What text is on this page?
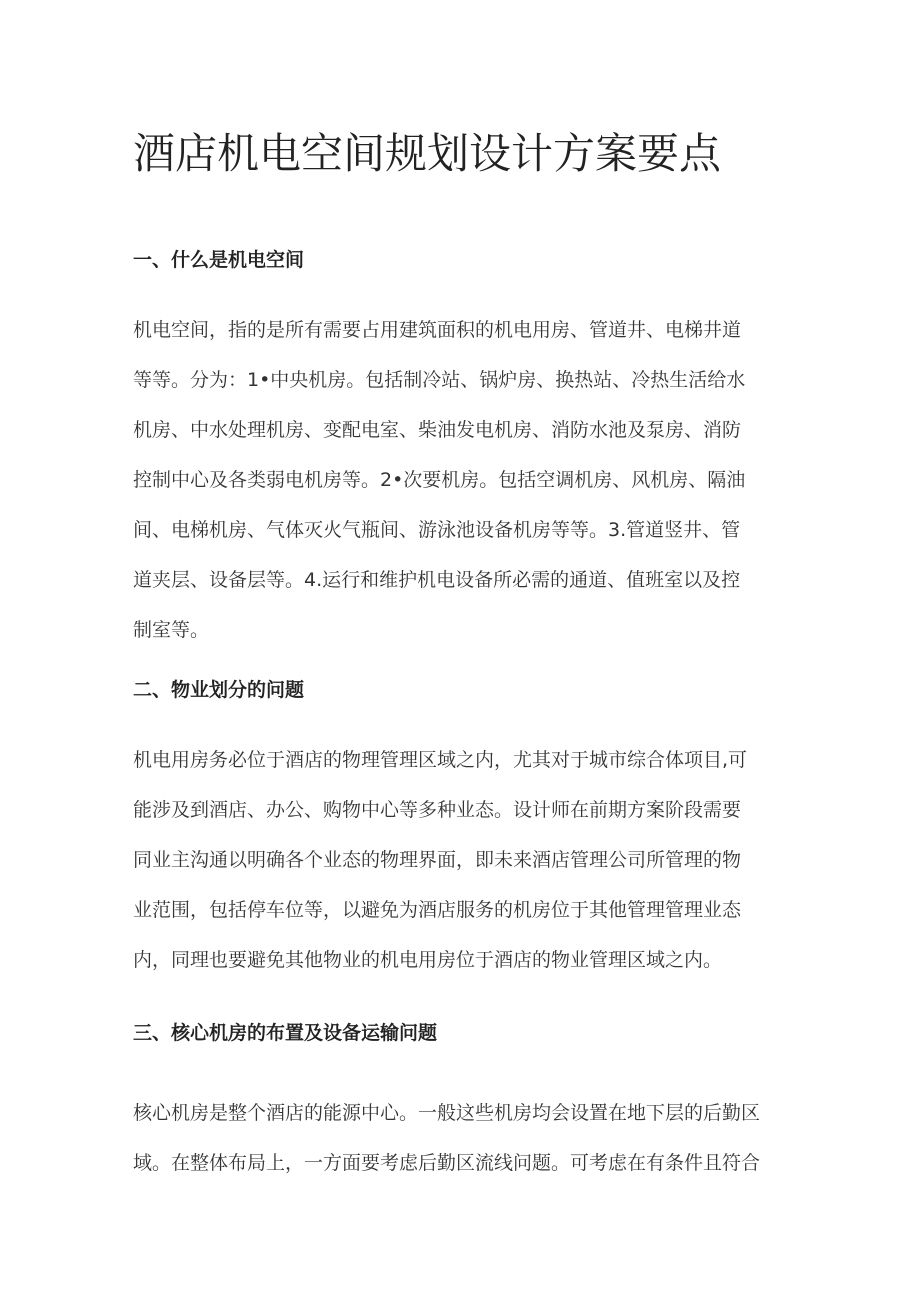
酒店机电空间规划设计方案要点
一、什么是机电空间
机电空间，指的是所有需要占用建筑面积的机电用房、管道井、电梯井道
等等。分为：1•中央机房。包括制冷站、锅炉房、换热站、冷热生活给水
机房、中水处理机房、变配电室、柴油发电机房、消防水池及泵房、消防
控制中心及各类弱电机房等。2•次要机房。包括空调机房、风机房、隔油
间、电梯机房、气体灭火气瓶间、游泳池设备机房等等。3.管道竖井、管
道夹层、设备层等。4.运行和维护机电设备所必需的通道、值班室以及控
制室等。
二、物业划分的问题
机电用房务必位于酒店的物理管理区域之内，尤其对于城市综合体项目,可
能涉及到酒店、办公、购物中心等多种业态。设计师在前期方案阶段需要
同业主沟通以明确各个业态的物理界面，即未来酒店管理公司所管理的物
业范围，包括停车位等，以避免为酒店服务的机房位于其他管理管理业态
内，同理也要避免其他物业的机电用房位于酒店的物业管理区域之内。
三、核心机房的布置及设备运输问题
核心机房是整个酒店的能源中心。一般这些机房均会设置在地下层的后勤区
域。在整体布局上，一方面要考虑后勤区流线问题。可考虑在有条件且符合
